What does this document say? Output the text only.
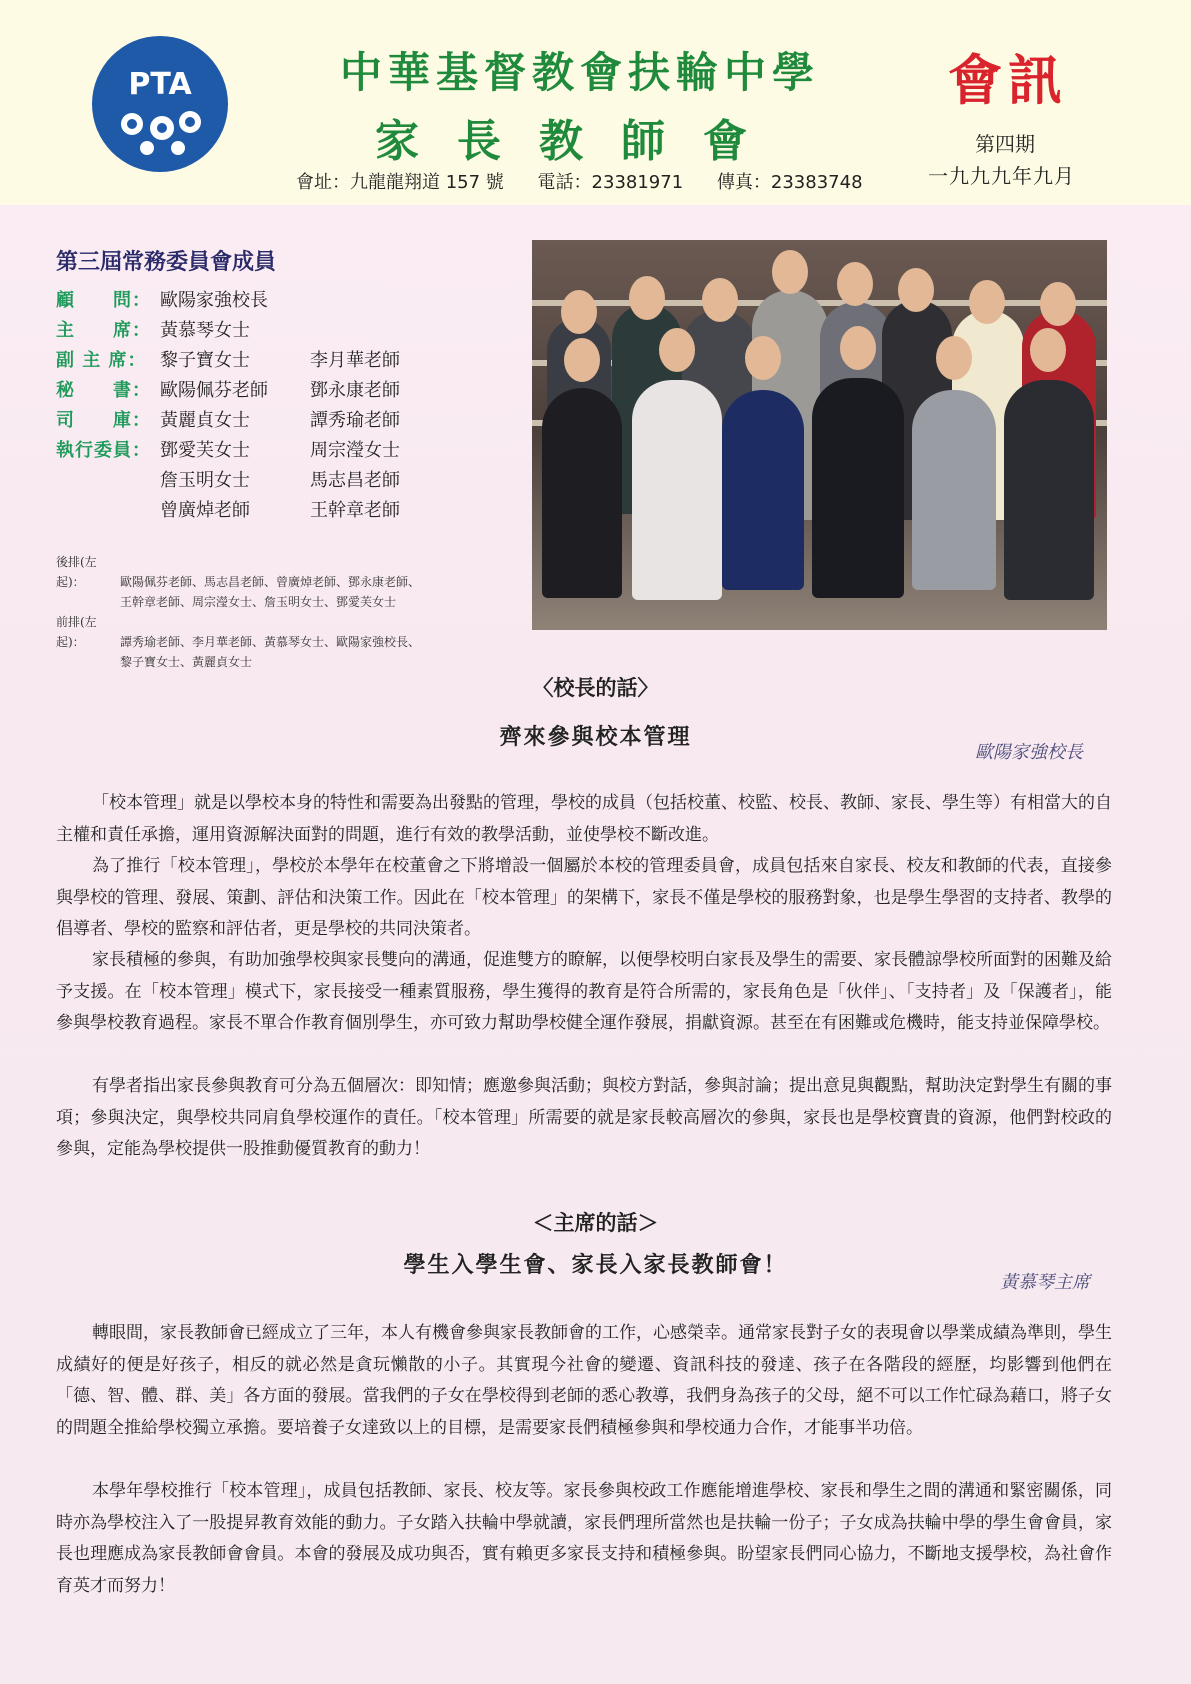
PTA	中華基督教會扶輪中學
家長教師會
會址：九龍龍翔道 157 號 電話：23381971 傳真：23383748
會訊
第四期
一九九九年九月
第三屆常務委員會成員
顧　　問： 歐陽家強校長
主　　席： 黃慕琴女士
副 主 席： 黎子寶女士	李月華老師
秘　　書： 歐陽佩芬老師	鄧永康老師
司　　庫： 黃麗貞女士	譚秀瑜老師
執行委員： 鄧愛芙女士	周宗瀅女士
詹玉明女士	馬志昌老師
曾廣焯老師	王幹章老師
後排(左起)：	歐陽佩芬老師、馬志昌老師、曾廣焯老師、鄧永康老師、
王幹章老師、周宗瀅女士、詹玉明女士、鄧愛芙女士
前排(左起)：	譚秀瑜老師、李月華老師、黃慕琴女士、歐陽家強校長、
黎子寶女士、黃麗貞女士
〈校長的話〉
齊來參與校本管理
歐陽家強校長
「校本管理」就是以學校本身的特性和需要為出發點的管理，學校的成員（包括校董、校監、校長、教師、家長、學生等）有相當大的自主權和責任承擔，運用資源解決面對的問題，進行有效的教學活動，並使學校不斷改進。
為了推行「校本管理」，學校於本學年在校董會之下將增設一個屬於本校的管理委員會，成員包括來自家長、校友和教師的代表，直接參與學校的管理、發展、策劃、評估和決策工作。因此在「校本管理」的架構下，家長不僅是學校的服務對象，也是學生學習的支持者、教學的倡導者、學校的監察和評估者，更是學校的共同決策者。
家長積極的參與，有助加強學校與家長雙向的溝通，促進雙方的瞭解，以便學校明白家長及學生的需要、家長體諒學校所面對的困難及給予支援。在「校本管理」模式下，家長接受一種素質服務，學生獲得的教育是符合所需的，家長角色是「伙伴」、「支持者」及「保護者」，能參與學校教育過程。家長不單合作教育個別學生，亦可致力幫助學校健全運作發展，捐獻資源。甚至在有困難或危機時，能支持並保障學校。
有學者指出家長參與教育可分為五個層次：即知情；應邀參與活動；與校方對話，參與討論；提出意見與觀點，幫助決定對學生有關的事項；參與決定，與學校共同肩負學校運作的責任。「校本管理」所需要的就是家長較高層次的參與，家長也是學校寶貴的資源，他們對校政的參與，定能為學校提供一股推動優質教育的動力！
＜主席的話＞
學生入學生會、家長入家長教師會！
黃慕琴主席
轉眼間，家長教師會已經成立了三年，本人有機會參與家長教師會的工作，心感榮幸。通常家長對子女的表現會以學業成績為準則，學生成績好的便是好孩子，相反的就必然是貪玩懶散的小子。其實現今社會的變遷、資訊科技的發達、孩子在各階段的經歷，均影響到他們在「德、智、體、群、美」各方面的發展。當我們的子女在學校得到老師的悉心教導，我們身為孩子的父母，絕不可以工作忙碌為藉口，將子女的問題全推給學校獨立承擔。要培養子女達致以上的目標，是需要家長們積極參與和學校通力合作，才能事半功倍。
本學年學校推行「校本管理」，成員包括教師、家長、校友等。家長參與校政工作應能增進學校、家長和學生之間的溝通和緊密關係，同時亦為學校注入了一股提昇教育效能的動力。子女踏入扶輪中學就讀，家長們理所當然也是扶輪一份子；子女成為扶輪中學的學生會會員，家長也理應成為家長教師會會員。本會的發展及成功與否，實有賴更多家長支持和積極參與。盼望家長們同心協力，不斷地支援學校，為社會作育英才而努力！
